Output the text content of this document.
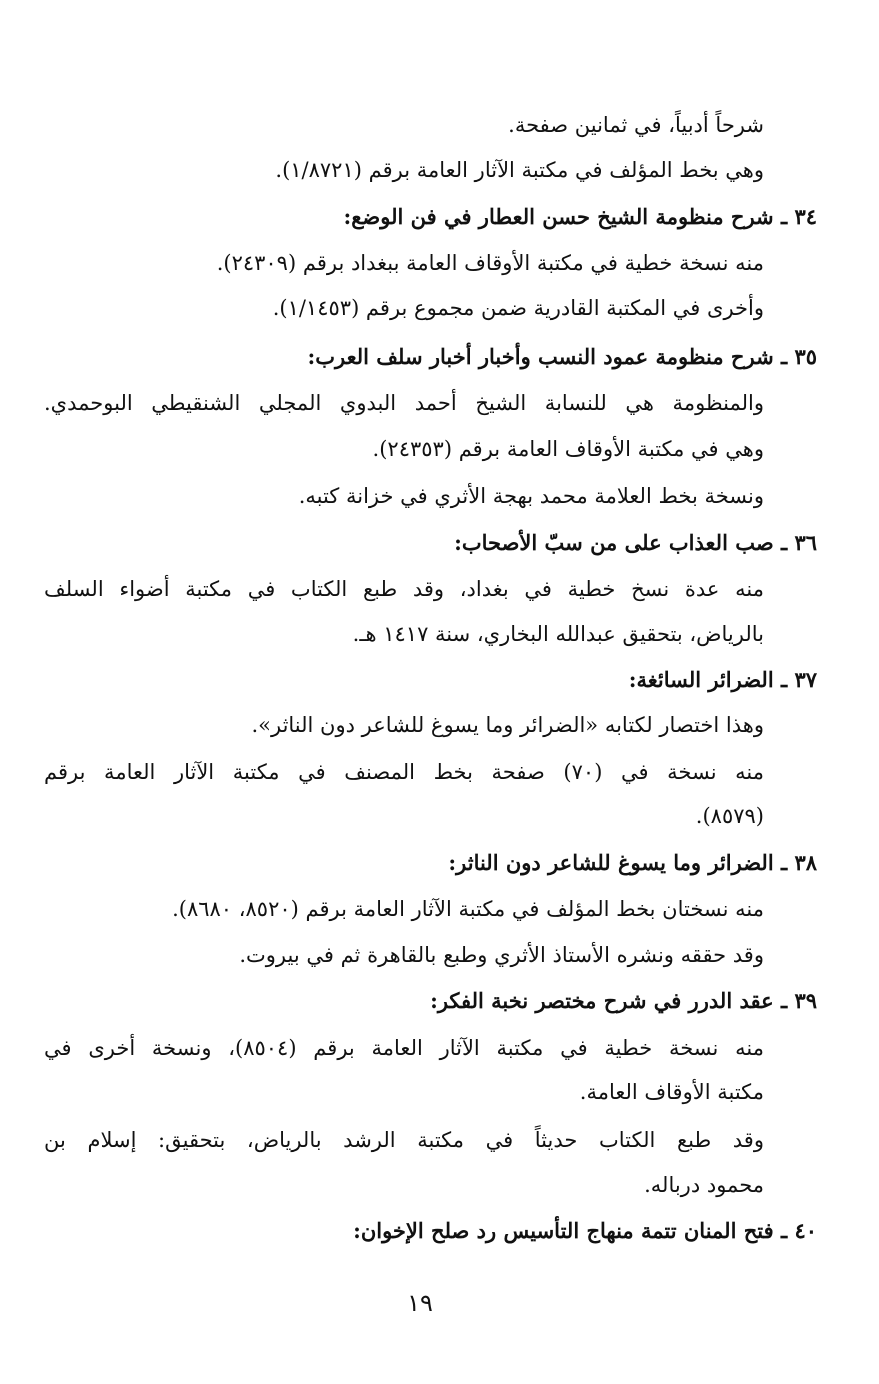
شرحاً أدبياً، في ثمانين صفحة.
وهي بخط المؤلف في مكتبة الآثار العامة برقم (١/٨٧٢١).
٣٤ ـ شرح منظومة الشيخ حسن العطار في فن الوضع:
منه نسخة خطية في مكتبة الأوقاف العامة ببغداد برقم (٢٤٣٠٩).
وأخرى في المكتبة القادرية ضمن مجموع برقم (١/١٤٥٣).
٣٥ ـ شرح منظومة عمود النسب وأخبار أخبار سلف العرب:
والمنظومة هي للنسابة الشيخ أحمد البدوي المجلي الشنقيطي البوحمدي.
وهي في مكتبة الأوقاف العامة برقم (٢٤٣٥٣).
ونسخة بخط العلامة محمد بهجة الأثري في خزانة كتبه.
٣٦ ـ صب العذاب على من سبّ الأصحاب:
منه عدة نسخ خطية في بغداد، وقد طبع الكتاب في مكتبة أضواء السلف
بالرياض، بتحقيق عبدالله البخاري، سنة ١٤١٧ هـ.
٣٧ ـ الضرائر السائغة:
وهذا اختصار لكتابه «الضرائر وما يسوغ للشاعر دون الناثر».
منه نسخة في (٧٠) صفحة بخط المصنف في مكتبة الآثار العامة برقم
(٨٥٧٩).
٣٨ ـ الضرائر وما يسوغ للشاعر دون الناثر:
منه نسختان بخط المؤلف في مكتبة الآثار العامة برقم (٨٥٢٠، ٨٦٨٠).
وقد حققه ونشره الأستاذ الأثري وطبع بالقاهرة ثم في بيروت.
٣٩ ـ عقد الدرر في شرح مختصر نخبة الفكر:
منه نسخة خطية في مكتبة الآثار العامة برقم (٨٥٠٤)، ونسخة أخرى في
مكتبة الأوقاف العامة.
وقد طبع الكتاب حديثاً في مكتبة الرشد بالرياض، بتحقيق: إسلام بن
محمود درباله.
٤٠ ـ فتح المنان تتمة منهاج التأسيس رد صلح الإخوان:
١٩
